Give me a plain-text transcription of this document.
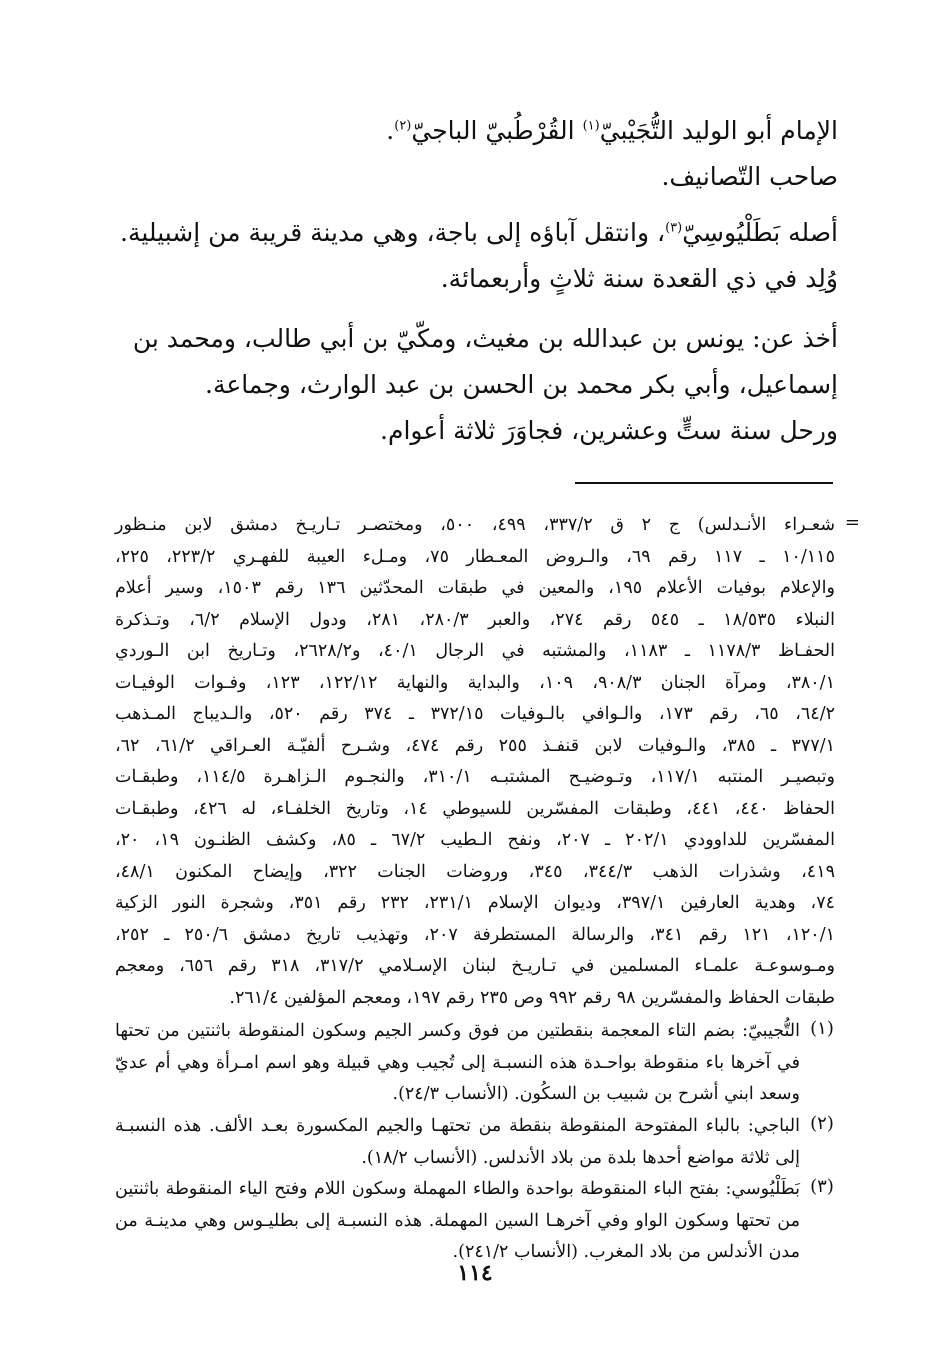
الإمام أبو الوليد التُّجَيْبيّ$^{(١)}$ القُرْطُبيّ الباجيّ$^{(٢)}$.

صاحب التّصانيف.

أصله بَطَلْيُوسِيّ$^{(٣)}$، وانتقل آباؤه إلى باجة، وهي مدينة قريبة من إشبيلية.

وُلِد في ذي القعدة سنة ثلاثٍ وأربعمائة.

أخذ عن: يونس بن عبدالله بن مغيث، ومكّيّ بن أبي طالب، ومحمد بن

إسماعيل، وأبي بكر محمد بن الحسن بن عبد الوارث، وجماعة.

ورحل سنة ستٍّ وعشرين، فجاوَرَ ثلاثة أعوام.

=
شعـراء الأنـدلس) ج ٢ ق ٣٣٧/٢، ٤٩٩، ٥٠٠، ومختصـر تـاريـخ دمشق لابن منـظور
١٠/١١٥ ـ ١١٧ رقم ٦٩، والـروض المعـطار ٧٥، ومـلء العيبة للفهـري ٢٢٣/٢، ٢٢٥،
والإعلام بوفيات الأعلام ١٩٥، والمعين في طبقات المحدّثين ١٣٦ رقم ١٥٠٣، وسير أعلام
النبلاء ١٨/٥٣٥ ـ ٥٤٥ رقم ٢٧٤، والعبر ٢٨٠/٣، ٢٨١، ودول الإسلام ٦/٢، وتـذكرة
الحفـاظ ١١٧٨/٣ ـ ١١٨٣، والمشتبه في الرجال ٤٠/١، و٢٦٢٨/٢، وتـاريخ ابن الـوردي
٣٨٠/١، ومرآة الجنان ٩٠٨/٣، ١٠٩، والبداية والنهاية ١٢٢/١٢، ١٢٣، وفـوات الوفيـات
٦٤/٢، ٦٥، رقم ١٧٣، والـوافي بالـوفيات ٣٧٢/١٥ ـ ٣٧٤ رقم ٥٢٠، والـديباج المـذهب
٣٧٧/١ ـ ٣٨٥، والـوفيات لابن قنفـذ ٢٥٥ رقم ٤٧٤، وشـرح ألفيّـة العـراقي ٦١/٢، ٦٢،
وتبصيـر المنتبه ١١٧/١، وتـوضيـح المشتبـه ٣١٠/١، والنجـوم الـزاهـرة ١١٤/٥، وطبقـات
الحفاظ ٤٤٠، ٤٤١، وطبقات المفسّرين للسيوطي ١٤، وتاريخ الخلفـاء، له ٤٢٦، وطبقـات
المفسّرين للداوودي ٢٠٢/١ ـ ٢٠٧، ونفح الـطيب ٦٧/٢ ـ ٨٥، وكشف الظنـون ١٩، ٢٠،
٤١٩، وشذرات الذهب ٣٤٤/٣، ٣٤٥، وروضات الجنات ٣٢٢، وإيضاح المكنون ٤٨/١،
٧٤، وهدية العارفين ٣٩٧/١، وديوان الإسلام ٢٣١/١، ٢٣٢ رقم ٣٥١، وشجرة النور الزكية
١٢٠/١، ١٢١ رقم ٣٤١، والرسالة المستطرفة ٢٠٧، وتهذيب تاريخ دمشق ٢٥٠/٦ ـ ٢٥٢،
ومـوسوعـة علمـاء المسلمين في تـاريـخ لبنان الإسـلامي ٣١٧/٢، ٣١٨ رقم ٦٥٦، ومعجم
طبقات الحفاظ والمفسّرين ٩٨ رقم ٩٩٢ وص ٢٣٥ رقم ١٩٧، ومعجم المؤلفين ٢٦١/٤.
(١)
التُّجيبيّ: بضم التاء المعجمة بنقطتين من فوق وكسر الجيم وسكون المنقوطة باثنتين من تحتها
في آخرها باء منقوطة بواحـدة هذه النسبـة إلى تُجيب وهي قبيلة وهو اسم امـرأة وهي أم عديّ
وسعد ابني أشرح بن شبيب بن السكُون. (الأنساب ٢٤/٣).
(٢)
الباجي: بالباء المفتوحة المنقوطة بنقطة من تحتهـا والجيم المكسورة بعـد الألف. هذه النسبـة
إلى ثلاثة مواضع أحدها بلدة من بلاد الأندلس. (الأنساب ١٨/٢).
(٣)
بَطَلْيُوسي: بفتح الباء المنقوطة بواحدة والطاء المهملة وسكون اللام وفتح الياء المنقوطة باثنتين
من تحتها وسكون الواو وفي آخرهـا السين المهملة. هذه النسبـة إلى بطليـوس وهي مدينـة من
مدن الأندلس من بلاد المغرب. (الأنساب ٢٤١/٢).
١١٤
